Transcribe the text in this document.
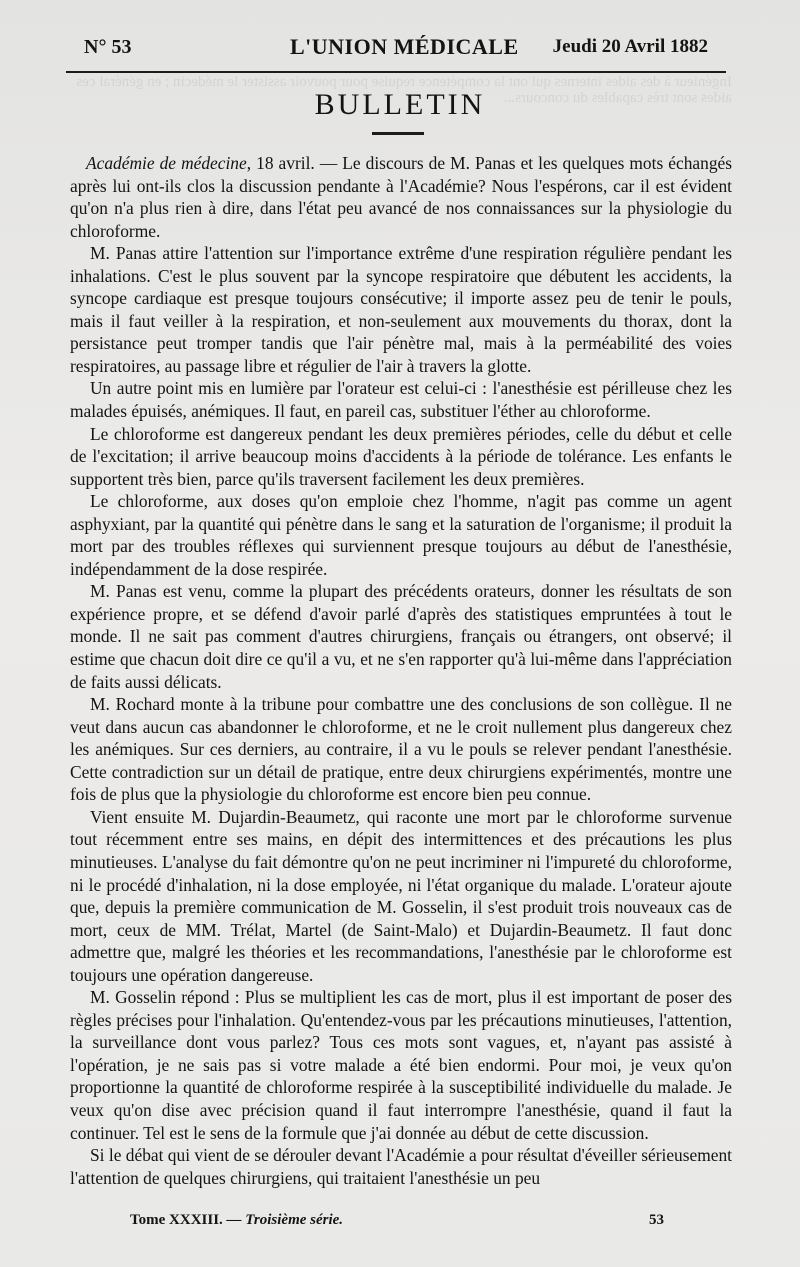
Ingénieur à des aides internes qui ont la compétence requise pour pouvoir assister le médecin ; en général ces aides sont très capables du concours...
N° 53	L'UNION MÉDICALE Jeudi 20 Avril 1882
BULLETIN

Académie de médecine, 18 avril. — Le discours de M. Panas et les quelques mots échangés après lui ont-ils clos la discussion pendante à l'Académie? Nous l'espérons, car il est évident qu'on n'a plus rien à dire, dans l'état peu avancé de nos connaissances sur la physiologie du chloroforme.

M. Panas attire l'attention sur l'importance extrême d'une respiration régulière pendant les inhalations. C'est le plus souvent par la syncope respiratoire que débutent les accidents, la syncope cardiaque est presque toujours consécutive; il importe assez peu de tenir le pouls, mais il faut veiller à la respiration, et non-seulement aux mouvements du thorax, dont la persistance peut tromper tandis que l'air pénètre mal, mais à la perméabilité des voies respiratoires, au passage libre et régulier de l'air à travers la glotte.

Un autre point mis en lumière par l'orateur est celui-ci : l'anesthésie est périlleuse chez les malades épuisés, anémiques. Il faut, en pareil cas, substituer l'éther au chloroforme.

Le chloroforme est dangereux pendant les deux premières périodes, celle du début et celle de l'excitation; il arrive beaucoup moins d'accidents à la période de tolérance. Les enfants le supportent très bien, parce qu'ils traversent facilement les deux premières.

Le chloroforme, aux doses qu'on emploie chez l'homme, n'agit pas comme un agent asphyxiant, par la quantité qui pénètre dans le sang et la saturation de l'organisme; il produit la mort par des troubles réflexes qui surviennent presque toujours au début de l'anesthésie, indépendamment de la dose respirée.

M. Panas est venu, comme la plupart des précédents orateurs, donner les résultats de son expérience propre, et se défend d'avoir parlé d'après des statistiques empruntées à tout le monde. Il ne sait pas comment d'autres chirurgiens, français ou étrangers, ont observé; il estime que chacun doit dire ce qu'il a vu, et ne s'en rapporter qu'à lui-même dans l'appréciation de faits aussi délicats.

M. Rochard monte à la tribune pour combattre une des conclusions de son collègue. Il ne veut dans aucun cas abandonner le chloroforme, et ne le croit nullement plus dangereux chez les anémiques. Sur ces derniers, au contraire, il a vu le pouls se relever pendant l'anesthésie. Cette contradiction sur un détail de pratique, entre deux chirurgiens expérimentés, montre une fois de plus que la physiologie du chloroforme est encore bien peu connue.

Vient ensuite M. Dujardin-Beaumetz, qui raconte une mort par le chloroforme survenue tout récemment entre ses mains, en dépit des intermittences et des précautions les plus minutieuses. L'analyse du fait démontre qu'on ne peut incriminer ni l'impureté du chloroforme, ni le procédé d'inhalation, ni la dose employée, ni l'état organique du malade. L'orateur ajoute que, depuis la première communication de M. Gosselin, il s'est produit trois nouveaux cas de mort, ceux de MM. Trélat, Martel (de Saint-Malo) et Dujardin-Beaumetz. Il faut donc admettre que, malgré les théories et les recommandations, l'anesthésie par le chloroforme est toujours une opération dangereuse.

M. Gosselin répond : Plus se multiplient les cas de mort, plus il est important de poser des règles précises pour l'inhalation. Qu'entendez-vous par les précautions minutieuses, l'attention, la surveillance dont vous parlez? Tous ces mots sont vagues, et, n'ayant pas assisté à l'opération, je ne sais pas si votre malade a été bien endormi. Pour moi, je veux qu'on proportionne la quantité de chloroforme respirée à la susceptibilité individuelle du malade. Je veux qu'on dise avec précision quand il faut interrompre l'anesthésie, quand il faut la continuer. Tel est le sens de la formule que j'ai donnée au début de cette discussion.

Si le débat qui vient de se dérouler devant l'Académie a pour résultat d'éveiller sérieusement l'attention de quelques chirurgiens, qui traitaient l'anesthésie un peu

Tome XXXIII. — Troisième série.	53
